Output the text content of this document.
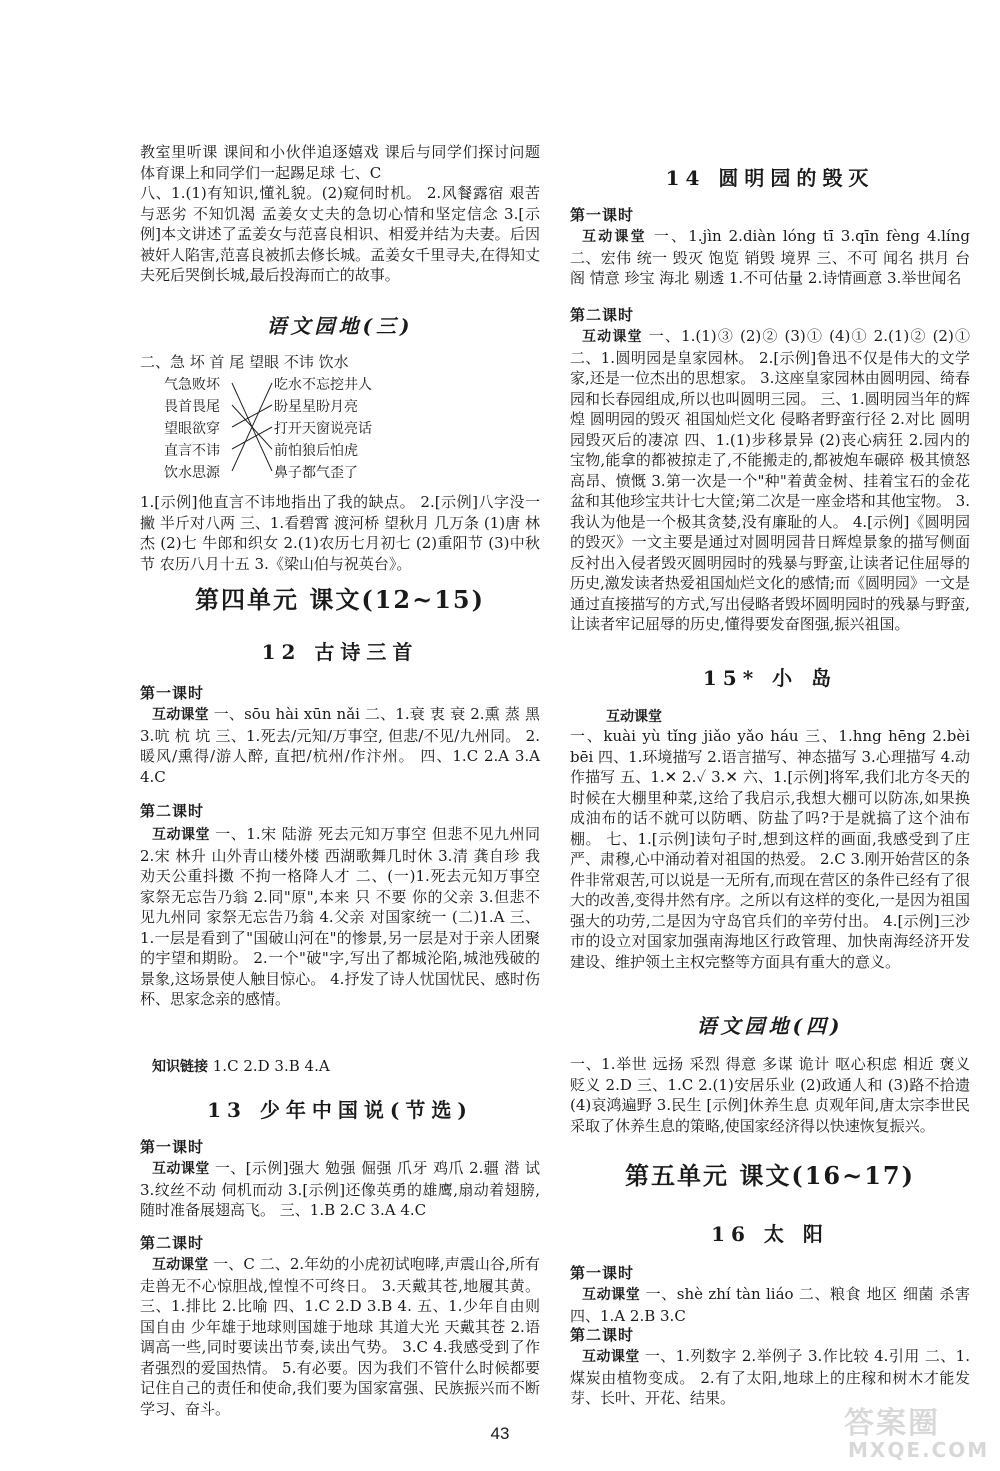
教室里听课 课间和小伙伴追逐嬉戏 课后与同学们探讨问题 体育课上和同学们一起踢足球 七、C
八、1.(1)有知识,懂礼貌。(2)窥伺时机。 2.风餐露宿 艰苦与恶劣 不知饥渴 孟姜女丈夫的急切心情和坚定信念 3.[示例]本文讲述了孟姜女与范喜良相识、相爱并结为夫妻。后因被奸人陷害,范喜良被抓去修长城。孟姜女千里寻夫,在得知丈夫死后哭倒长城,最后投海而亡的故事。

语文园地(三)

二、急 坏 首 尾 望眼 不讳 饮水

气急败坏
畏首畏尾
望眼欲穿
直言不讳
饮水思源
吃水不忘挖井人
盼星星盼月亮
打开天窗说亮话
前怕狼后怕虎
鼻子都气歪了

1.[示例]他直言不讳地指出了我的缺点。 2.[示例]八字没一撇 半斤对八两 三、1.看碧霄 渡河桥 望秋月 几万条 (1)唐 林杰 (2)七 牛郎和织女 2.(1)农历七月初七 (2)重阳节 (3)中秋节 农历八月十五 3.《梁山伯与祝英台》。

第四单元 课文(12~15)
12 古诗三首
第一课时

互动课堂 一、sōu hài xūn nǎi 二、1.衰 衷 衰 2.熏 蒸 黑 3.吭 杭 坑 三、1.死去/元知/万事空, 但悲/不见/九州同。 2.暖风/熏得/游人醉, 直把/杭州/作汴州。 四、1.C 2.A 3.A 4.C

第二课时

互动课堂 一、1.宋 陆游 死去元知万事空 但悲不见九州同 2.宋 林升 山外青山楼外楼 西湖歌舞几时休 3.清 龚自珍 我劝天公重抖擞 不拘一格降人才 二、(一)1.死去元知万事空 家祭无忘告乃翁 2.同"原",本来 只 不要 你的父亲 3.但悲不见九州同 家祭无忘告乃翁 4.父亲 对国家统一 (二)1.A 三、1.一层是看到了"国破山河在"的惨景,另一层是对于亲人团聚的宇望和期盼。 2.一个"破"字,写出了都城沦陷,城池残破的景象,这场景使人触目惊心。 4.抒发了诗人忧国忧民、感时伤杯、思家念亲的感情。

知识链接 1.C 2.D 3.B 4.A

13 少年中国说(节选)
第一课时

互动课堂 一、[示例]强大 勉强 倔强 爪牙 鸡爪 2.疆 潜 试 3.纹丝不动 伺机而动 3.[示例]还像英勇的雄鹰,扇动着翅膀,随时准备展翅高飞。 三、1.B 2.C 3.A 4.C

第二课时

互动课堂 一、C 二、2.年幼的小虎初试咆哮,声震山谷,所有走兽无不心惊胆战,惶惶不可终日。 3.天戴其苍,地履其黄。 三、1.排比 2.比喻 四、1.C 2.D 3.B 4. 五、1.少年自由则国自由 少年雄于地球则国雄于地球 其道大光 天戴其苍 2.语调高一些,同时要读出节奏,读出气势。 3.C 4.我感受到了作者强烈的爱国热情。 5.有必要。因为我们不管什么时候都要记住自己的责任和使命,我们要为国家富强、民族振兴而不断学习、奋斗。

14 圆明园的毁灭
第一课时

互动课堂 一、1.jìn 2.diàn lóng tī 3.qīn fèng 4.líng 二、宏伟 统一 毁灭 饱览 销毁 境界 三、不可 闻名 拱月 台阁 情意 珍宝 海北 剔透 1.不可估量 2.诗情画意 3.举世闻名

第二课时

互动课堂 一、1.(1)③ (2)② (3)① (4)① 2.(1)② (2)① 二、1.圆明园是皇家园林。 2.[示例]鲁迅不仅是伟大的文学家,还是一位杰出的思想家。 3.这座皇家园林由圆明园、绮春园和长春园组成,所以也叫圆明三园。 三、1.圆明园当年的辉煌 圆明园的毁灭 祖国灿烂文化 侵略者野蛮行径 2.对比 圆明园毁灭后的凄凉 四、1.(1)步移景异 (2)丧心病狂 2.园内的宝物,能拿的都被掠走了,不能搬走的,都被炮车碾碎 极其愤怒 高昂、愤慨 3.第一次是一个"种"着黄金树、挂着宝石的金花盆和其他珍宝共计七大筐;第二次是一座金塔和其他宝物。 3.我认为他是一个极其贪婪,没有廉耻的人。 4.[示例]《圆明园的毁灭》一文主要是通过对圆明园昔日辉煌景象的描写侧面反衬出入侵者毁灭圆明园时的残暴与野蛮,让读者记住屈辱的历史,激发读者热爱祖国灿烂文化的感情;而《圆明园》一文是通过直接描写的方式,写出侵略者毁坏圆明园时的残暴与野蛮,让读者牢记屈辱的历史,懂得要发奋图强,振兴祖国。

15* 小 岛
互动课堂

一、kuài yù tǐng jiǎo yǎo háu 三、1.hng hēng 2.bèi bēi 四、1.环境描写 2.语言描写、神态描写 3.心理描写 4.动作描写 五、1.✕ 2.✓ 3.✕ 六、1.[示例]将军,我们北方冬天的时候在大棚里种菜,这给了我启示,我想大棚可以防冻,如果换成油布的话不就可以防晒、防盐了吗?于是就搞了这个油布棚。 七、1.[示例]读句子时,想到这样的画面,我感受到了庄严、肃穆,心中涌动着对祖国的热爱。 2.C 3.刚开始营区的条件非常艰苦,可以说是一无所有,而现在营区的条件已经有了很大的改善,变得井然有序。之所以有这样的变化,一是因为祖国强大的功劳,二是因为守岛官兵们的辛劳付出。 4.[示例]三沙市的设立对国家加强南海地区行政管理、加快南海经济开发建设、维护领土主权完整等方面具有重大的意义。

语文园地(四)

一、1.举世 远扬 采烈 得意 多谋 诡计 呕心积虑 相近 褒义 贬义 2.D 三、1.C 2.(1)安居乐业 (2)政通人和 (3)路不拾遗 (4)哀鸿遍野 3.民生 [示例]休养生息 贞观年间,唐太宗李世民采取了休养生息的策略,使国家经济得以快速恢复振兴。

第五单元 课文(16~17)
16 太 阳
第一课时

互动课堂 一、shè zhí tàn liáo 二、粮食 地区 细菌 杀害 四、1.A 2.B 3.C

第二课时

互动课堂 一、1.列数字 2.举例子 3.作比较 4.引用 二、1.煤炭由植物变成。 2.有了太阳,地球上的庄稼和树木才能发芽、长叶、开花、结果。

43	答案圈
MXQE.COM
